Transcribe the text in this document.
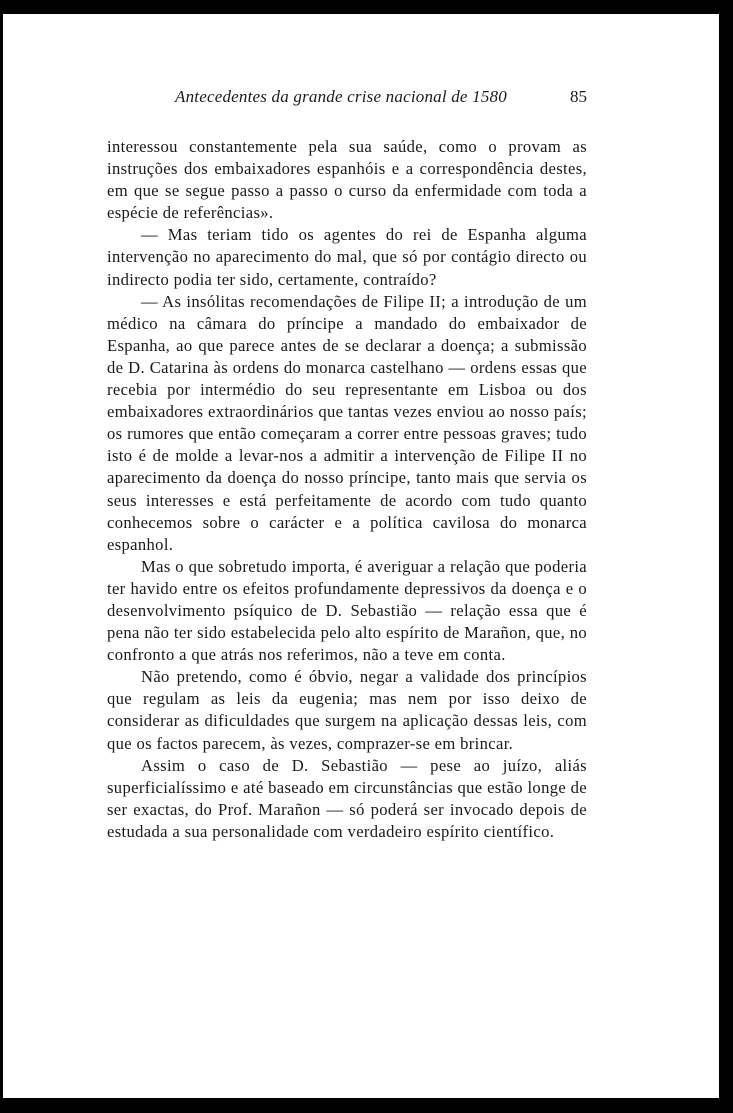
Antecedentes da grande crise nacional de 1580	85

interessou constantemente pela sua saúde, como o provam as instruções dos embaixadores espanhóis e a correspondência destes, em que se segue passo a passo o curso da enfermidade com toda a espécie de referências».

— Mas teriam tido os agentes do rei de Espanha alguma intervenção no aparecimento do mal, que só por contágio directo ou indirecto podia ter sido, certamente, contraído?

— As insólitas recomendações de Filipe II; a introdução de um médico na câmara do príncipe a mandado do embaixador de Espanha, ao que parece antes de se declarar a doença; a submissão de D. Catarina às ordens do monarca castelhano — ordens essas que recebia por intermédio do seu representante em Lisboa ou dos embaixadores extraordinários que tantas vezes enviou ao nosso país; os rumores que então começaram a correr entre pessoas graves; tudo isto é de molde a levar-nos a admitir a intervenção de Filipe II no aparecimento da doença do nosso príncipe, tanto mais que servia os seus interesses e está perfeitamente de acordo com tudo quanto conhecemos sobre o carácter e a política cavilosa do monarca espanhol.

Mas o que sobretudo importa, é averiguar a relação que poderia ter havido entre os efeitos profundamente depressivos da doença e o desenvolvimento psíquico de D. Sebastião — relação essa que é pena não ter sido estabelecida pelo alto espírito de Marañon, que, no confronto a que atrás nos referimos, não a teve em conta.

Não pretendo, como é óbvio, negar a validade dos princípios que regulam as leis da eugenia; mas nem por isso deixo de considerar as dificuldades que surgem na aplicação dessas leis, com que os factos parecem, às vezes, comprazer-se em brincar.

Assim o caso de D. Sebastião — pese ao juízo, aliás superficialíssimo e até baseado em circunstâncias que estão longe de ser exactas, do Prof. Marañon — só poderá ser invocado depois de estudada a sua personalidade com verdadeiro espírito científico.
